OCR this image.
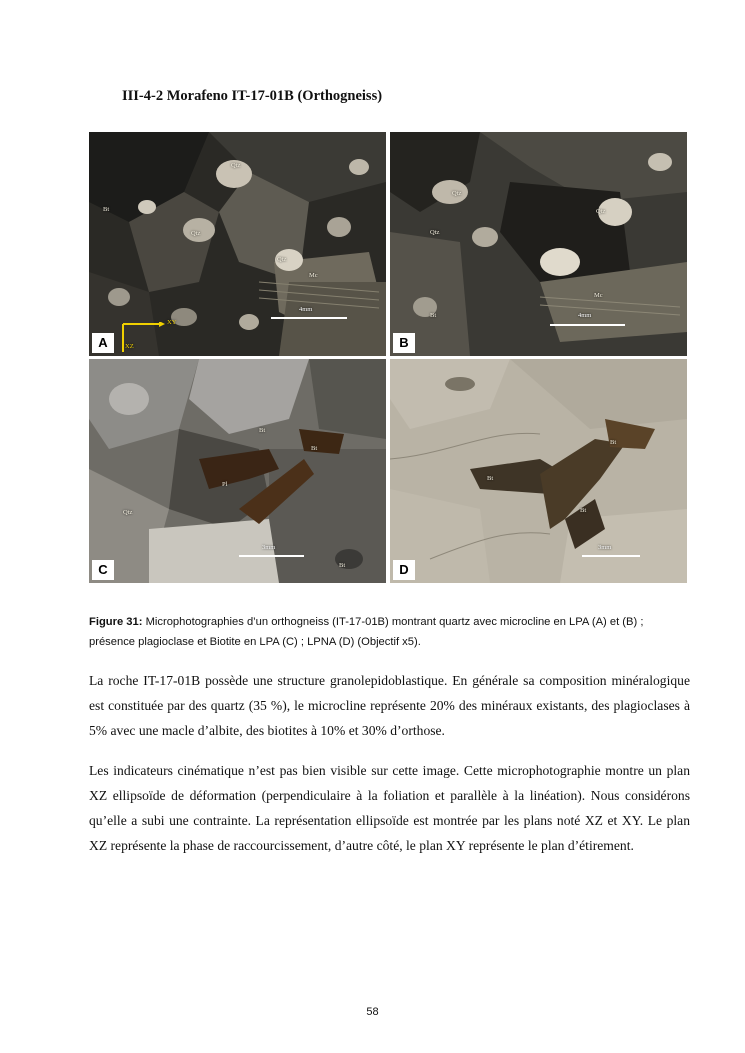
III-4-2 Morafeno IT-17-01B (Orthogneiss)
Qtz
Bt
Qtz
Qtz
Mc
4mm
XY
XZ
A
Qtz
Qtz
Qtz
Mc
Bt	4mm
B
Bt
Bt
Pl
Qtz
Bt
3mm
C
Bt
Bt
Bt
3mm
D
Figure 31: Microphotographies d’un orthogneiss (IT-17-01B) montrant quartz avec microcline en LPA (A) et (B) ; présence plagioclase et Biotite en LPA (C) ; LPNA (D) (Objectif x5).

La roche IT-17-01B possède une structure granolepidoblastique. En générale sa composition minéralogique est constituée par des quartz (35 %), le microcline représente 20% des minéraux existants, des plagioclases à 5% avec une macle d’albite, des biotites à 10% et 30% d’orthose.

Les indicateurs cinématique n’est pas bien visible sur cette image. Cette microphotographie montre un plan XZ ellipsoïde de déformation (perpendiculaire à la foliation et parallèle à la linéation). Nous considérons qu’elle a subi une contrainte. La représentation ellipsoïde est montrée par les plans noté XZ et XY. Le plan XZ représente la phase de raccourcissement, d’autre côté, le plan XY représente le plan d’étirement.

58
